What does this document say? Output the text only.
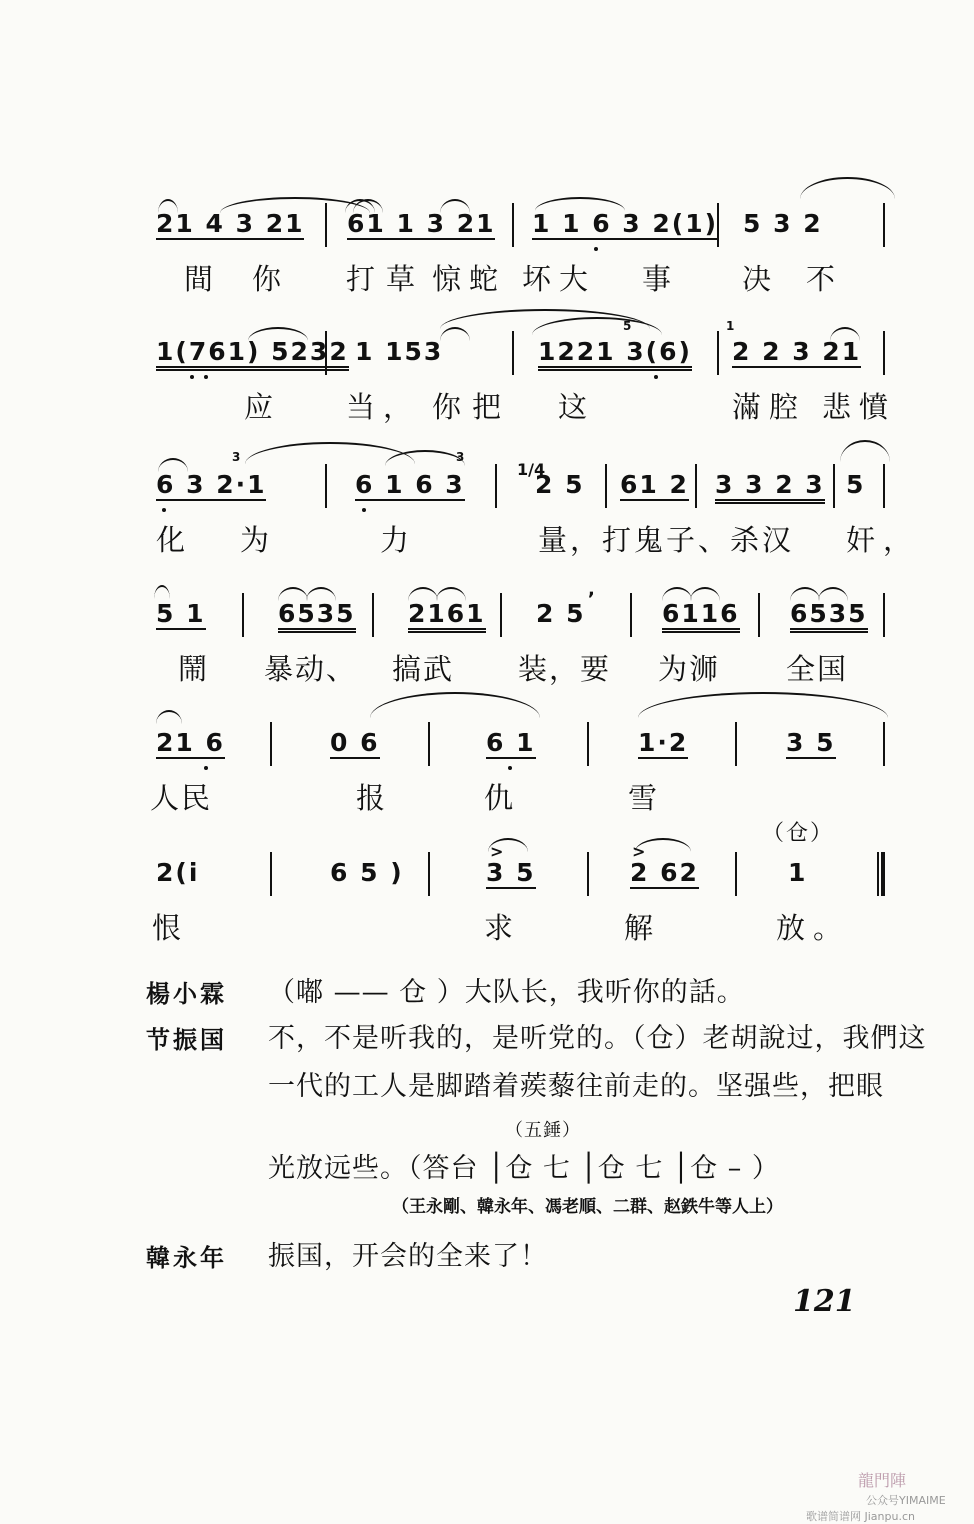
21 4 3 21 61 1 3 21 1 1 6 3 2(1) 5 3 2
間 你 打 草 惊蛇 坏大 事 决 不
5	1
1(761) 5232 1 153	1221 3(6) 2 2 3 21
应 当， 你 把 这	滿腔 悲憤
3	3
6 3 2·1	6 1 6 3
1/4
2 5 61 2 3 3 2 3 5
化 为	力	量，打鬼子、杀汉 奸，
,
5 1	6535 2161 2 5	6116 6535
鬧 暴动、 搞武 装，要 为浉 全国
21 6	0 6	6 1	1·2	3 5
人民	报	仇	雪
（仓）
>	>
2(i	6 5 )	3 5	2 62	1
恨	求	解	放。
楊小霖 （嘟 —— 仓 ）大队长，我听你的話。
节振国 不，不是听我的，是听党的。（仓）老胡說过，我們这
一代的工人是脚踏着蒺藜往前走的。坚强些，把眼
（五錘）
光放远些。（答台 │仓 七 │仓 七 │仓 – ）
（王永剛、韓永年、馮老順、二群、赵鉄牛等人上）
韓永年 振国，开会的全来了！
121
龍門陣
公众号YIMAIME
歌谱简谱网 Jianpu.cn
